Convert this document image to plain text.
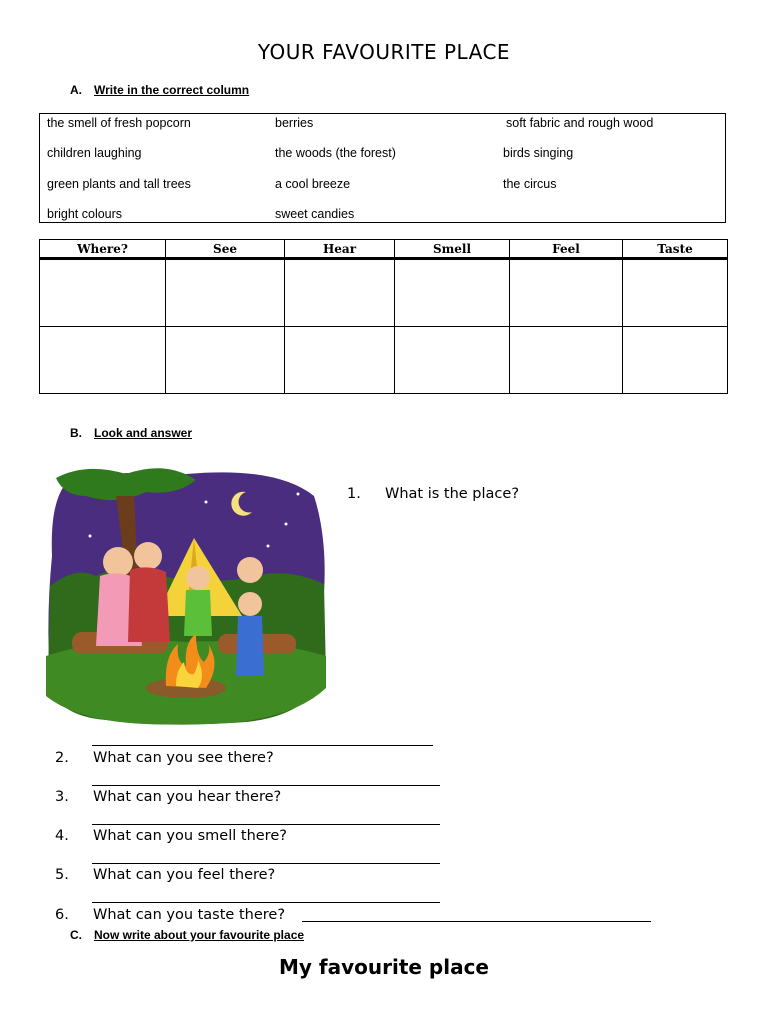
YOUR FAVOURITE PLACE
A. Write in the correct column
the smell of fresh popcorn	berries	soft fabric and rough wood
children laughing	the woods (the forest)	birds singing
green plants and tall trees	a cool breeze	the circus
bright colours	sweet candies
Where?	See	Hear	Smell	Feel	Taste

B. Look and answer
1. What is the place?
2. What can you see there?
3. What can you hear there?
4. What can you smell there?
5. What can you feel there?
6. What can you taste there?
C. Now write about your favourite place
My favourite place
